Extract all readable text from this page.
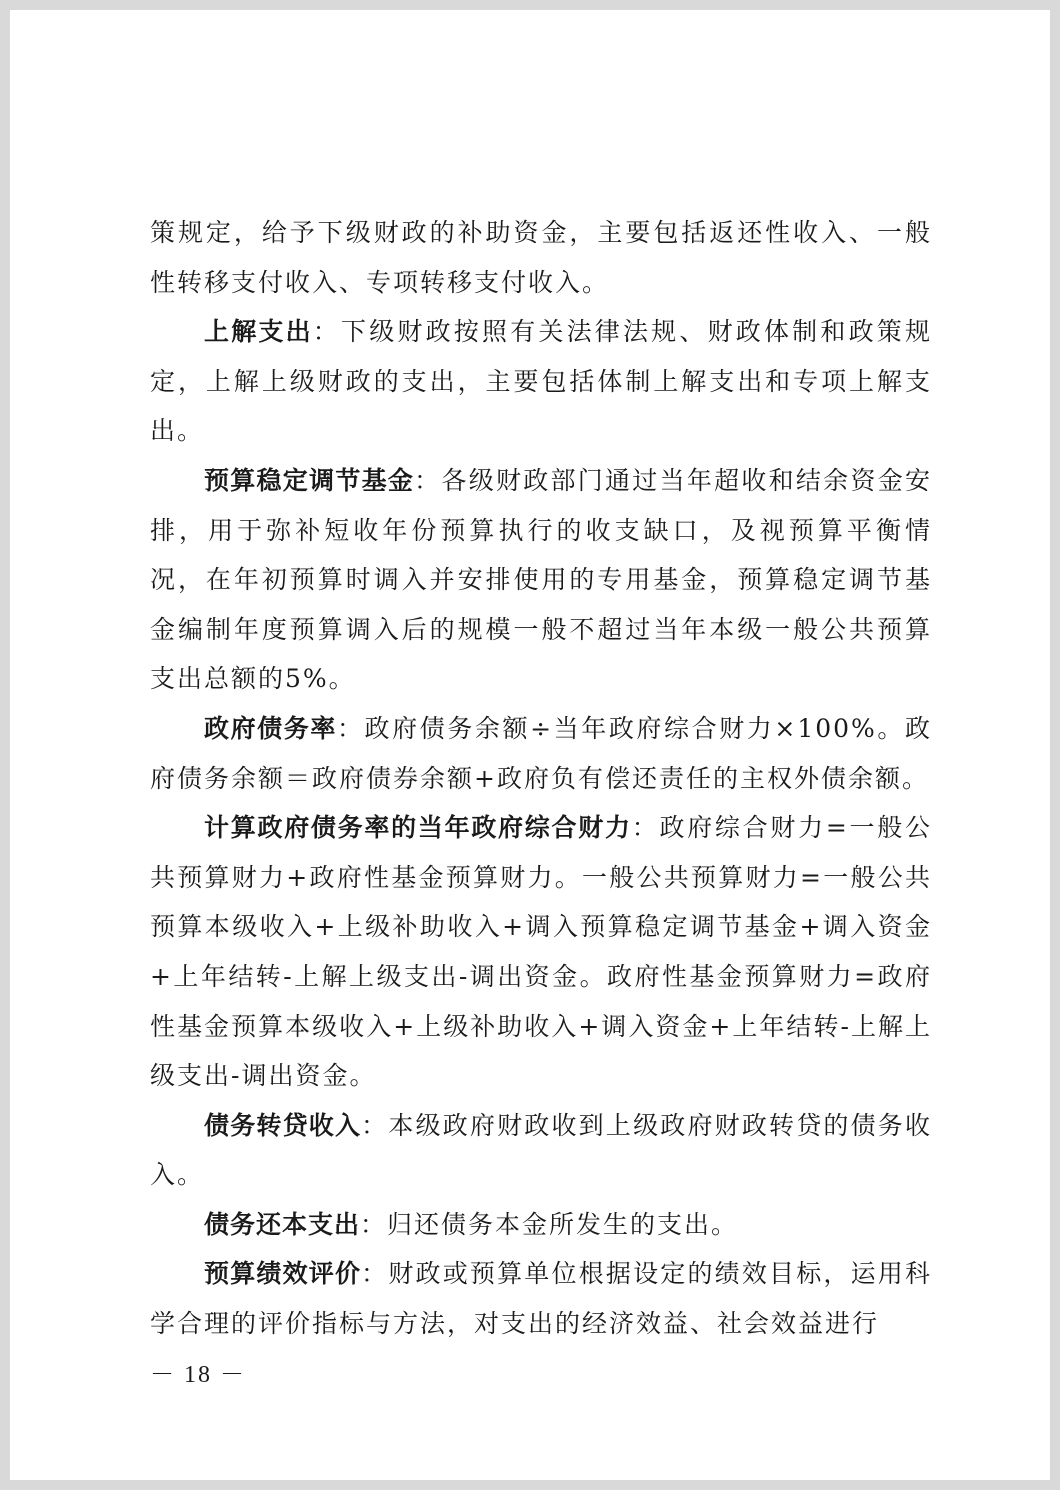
策规定，给予下级财政的补助资金，主要包括返还性收入、一般性转移支付收入、专项转移支付收入。

上解支出：下级财政按照有关法律法规、财政体制和政策规定，上解上级财政的支出，主要包括体制上解支出和专项上解支出。

预算稳定调节基金：各级财政部门通过当年超收和结余资金安排，用于弥补短收年份预算执行的收支缺口，及视预算平衡情况，在年初预算时调入并安排使用的专用基金，预算稳定调节基金编制年度预算调入后的规模一般不超过当年本级一般公共预算支出总额的5%。

政府债务率：政府债务余额÷当年政府综合财力×100%。政府债务余额＝政府债券余额+政府负有偿还责任的主权外债余额。

计算政府债务率的当年政府综合财力：政府综合财力=一般公共预算财力+政府性基金预算财力。一般公共预算财力=一般公共预算本级收入+上级补助收入+调入预算稳定调节基金+调入资金+上年结转-上解上级支出-调出资金。政府性基金预算财力=政府性基金预算本级收入+上级补助收入+调入资金+上年结转-上解上级支出-调出资金。

债务转贷收入：本级政府财政收到上级政府财政转贷的债务收入。

债务还本支出：归还债务本金所发生的支出。

预算绩效评价：财政或预算单位根据设定的绩效目标，运用科学合理的评价指标与方法，对支出的经济效益、社会效益进行

－ 18 －
